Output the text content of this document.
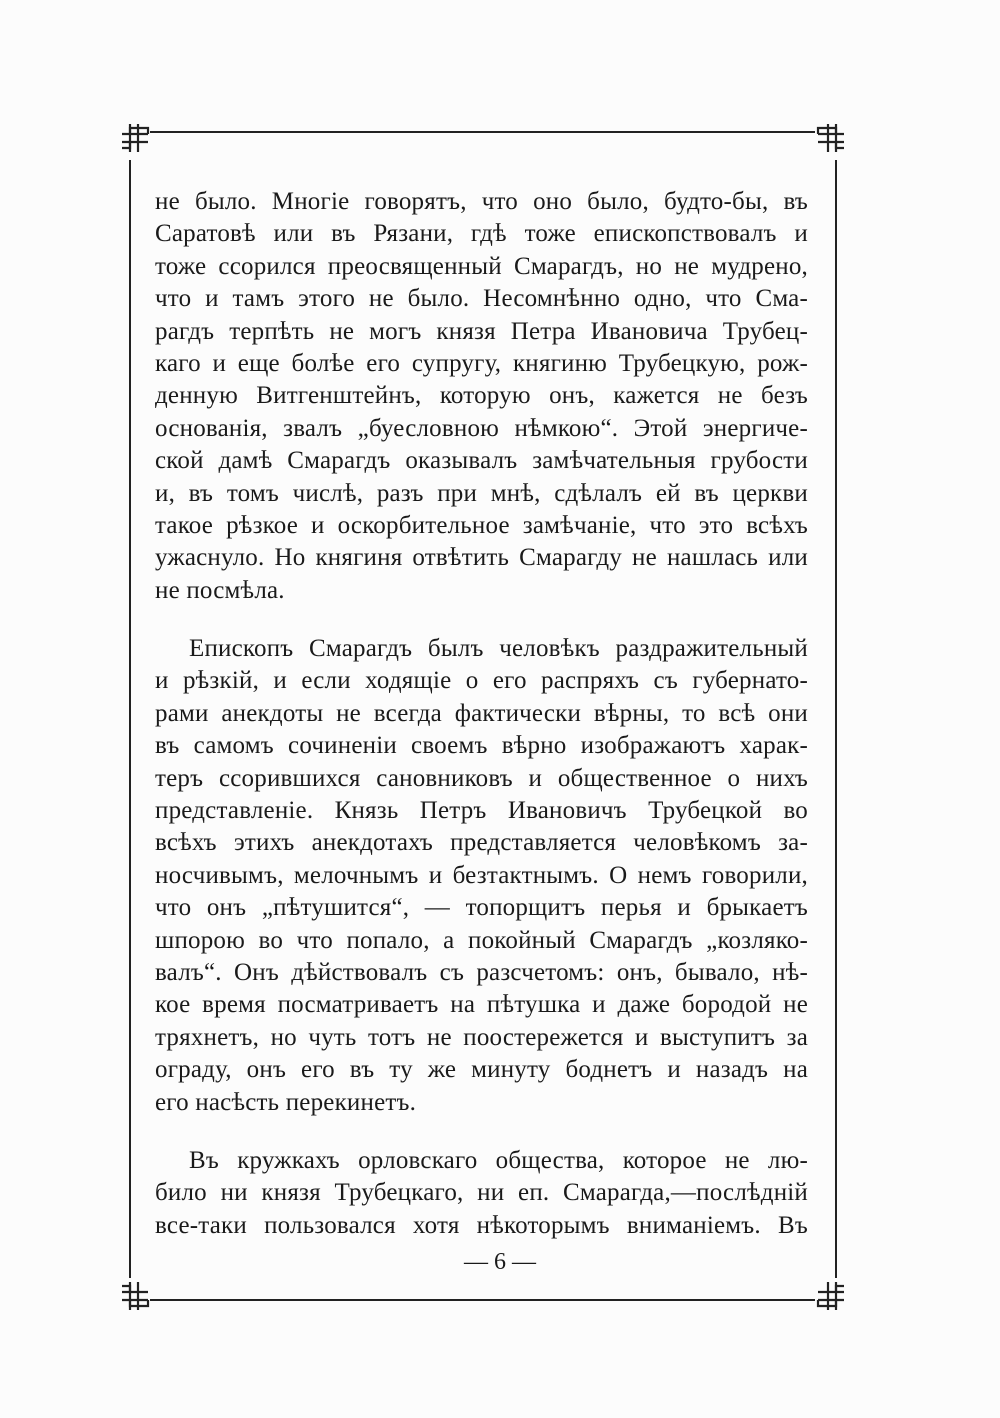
не было. Многіе говорятъ, что оно было, будто-бы, въ
Саратовѣ или въ Рязани, гдѣ тоже епископствовалъ и
тоже ссорился преосвященный Смарагдъ, но не мудрено,
что и тамъ этого не было. Несомнѣнно одно, что Сма-
рагдъ терпѣть не могъ князя Петра Ивановича Трубец-
каго и еще болѣе его супругу, княгиню Трубецкую, рож-
денную Витгенштейнъ, которую онъ, кажется не безъ
основанія, звалъ „буесловною нѣмкою“. Этой энергиче-
ской дамѣ Смарагдъ оказывалъ замѣчательныя грубости
и, въ томъ числѣ, разъ при мнѣ, сдѣлалъ ей въ церкви
такое рѣзкое и оскорбительное замѣчаніе, что это всѣхъ
ужаснуло. Но княгиня отвѣтить Смарагду не нашлась или
не посмѣла.

Епископъ Смарагдъ былъ человѣкъ раздражительный
и рѣзкій, и если ходящіе о его распряхъ съ губернато-
рами анекдоты не всегда фактически вѣрны, то всѣ они
въ самомъ сочиненіи своемъ вѣрно изображаютъ харак-
теръ ссорившихся сановниковъ и общественное о нихъ
представленіе. Князь Петръ Ивановичъ Трубецкой во
всѣхъ этихъ анекдотахъ представляется человѣкомъ за-
носчивымъ, мелочнымъ и безтактнымъ. О немъ говорили,
что онъ „пѣтушится“, — топорщитъ перья и брыкаетъ
шпорою во что попало, а покойный Смарагдъ „козляко-
валъ“. Онъ дѣйствовалъ съ разсчетомъ: онъ, бывало, нѣ-
кое время посматриваетъ на пѣтушка и даже бородой не
тряхнетъ, но чуть тотъ не поостережется и выступитъ за
ограду, онъ его въ ту же минуту боднетъ и назадъ на
его насѣсть перекинетъ.

Въ кружкахъ орловскаго общества, которое не лю-
било ни князя Трубецкаго, ни еп. Смарагда,—послѣдній
все-таки пользовался хотя нѣкоторымъ вниманіемъ. Въ

— 6 —
